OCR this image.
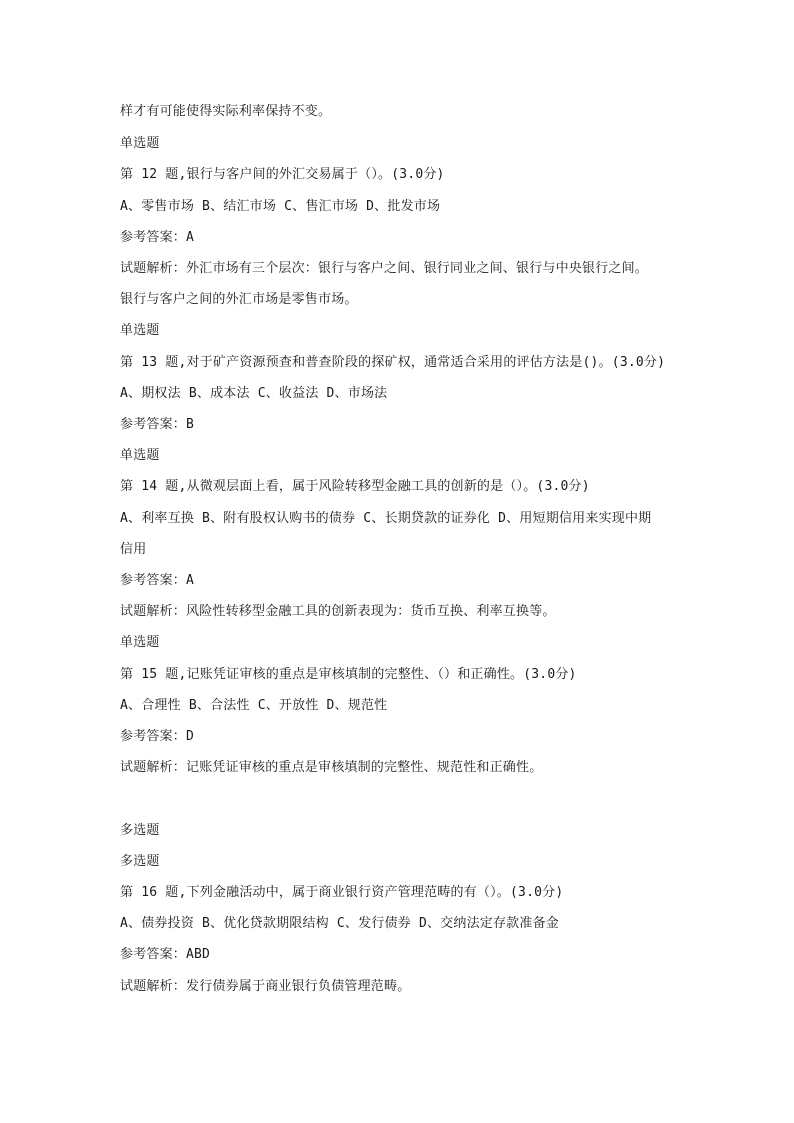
样才有可能使得实际利率保持不变。
单选题
第 12 题,银行与客户间的外汇交易属于（）。(3.0分)
A、零售市场 B、结汇市场 C、售汇市场 D、批发市场
参考答案：A
试题解析：外汇市场有三个层次：银行与客户之间、银行同业之间、银行与中央银行之间。
银行与客户之间的外汇市场是零售市场。
单选题
第 13 题,对于矿产资源预查和普查阶段的探矿权，通常适合采用的评估方法是()。(3.0分)
A、期权法 B、成本法 C、收益法 D、市场法
参考答案：B
单选题
第 14 题,从微观层面上看，属于风险转移型金融工具的创新的是（）。(3.0分)
A、利率互换 B、附有股权认购书的债券 C、长期贷款的证券化 D、用短期信用来实现中期
信用
参考答案：A
试题解析：风险性转移型金融工具的创新表现为：货币互换、利率互换等。
单选题
第 15 题,记账凭证审核的重点是审核填制的完整性、（）和正确性。(3.0分)
A、合理性 B、合法性 C、开放性 D、规范性
参考答案：D
试题解析：记账凭证审核的重点是审核填制的完整性、规范性和正确性。
多选题
多选题
第 16 题,下列金融活动中，属于商业银行资产管理范畴的有（）。(3.0分)
A、债券投资 B、优化贷款期限结构 C、发行债券 D、交纳法定存款准备金
参考答案：ABD
试题解析：发行债券属于商业银行负债管理范畴。
